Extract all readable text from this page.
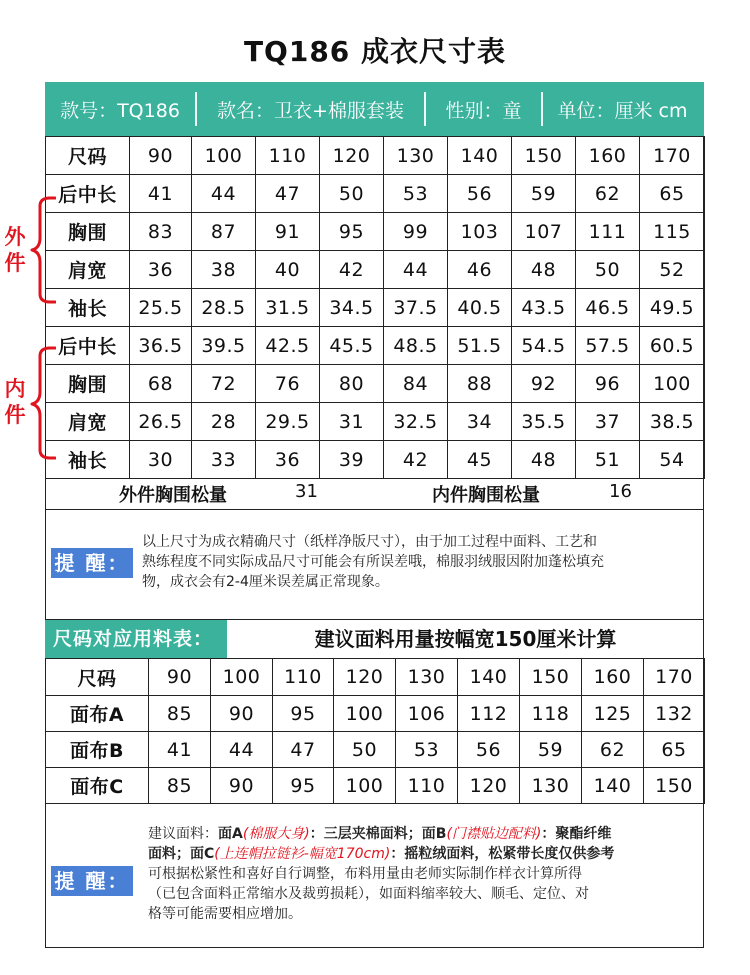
TQ186 成衣尺寸表
款号：TQ186	款名：卫衣+棉服套装	性别：童	单位：厘米 cm
尺码	90	100	110	120	130	140	150	160	170
后中长	41	44	47	50	53	56	59	62	65
胸围	83	87	91	95	99	103	107	111	115
肩宽	36	38	40	42	44	46	48	50	52
袖长	25.5	28.5	31.5	34.5	37.5	40.5	43.5	46.5	49.5
后中长	36.5	39.5	42.5	45.5	48.5	51.5	54.5	57.5	60.5
胸围	68	72	76	80	84	88	92	96	100
肩宽	26.5	28	29.5	31	32.5	34	35.5	37	38.5
袖长	30	33	36	39	42	45	48	51	54
外
件
内
件
外件胸围松量	31	内件胸围松量	16
提 醒：
以上尺寸为成衣精确尺寸（纸样净版尺寸），由于加工过程中面料、工艺和
熟练程度不同实际成品尺寸可能会有所误差哦，棉服羽绒服因附加蓬松填充
物，成衣会有2-4厘米误差属正常现象。
尺码对应用料表：	建议面料用量按幅宽150厘米计算
尺码	90	100	110	120	130	140	150	160	170
面布A	85	90	95	100	106	112	118	125	132
面布B	41	44	47	50	53	56	59	62	65
面布C	85	90	95	100	110	120	130	140	150
提 醒：
建议面料：面A(棉服大身)：三层夹棉面料；面B(门襟贴边配料)：聚酯纤维
面料；面C(上连帽拉链衫-幅宽170cm)：摇粒绒面料，松紧带长度仅供参考
可根据松紧性和喜好自行调整，布料用量由老师实际制作样衣计算所得
（已包含面料正常缩水及裁剪损耗），如面料缩率较大、顺毛、定位、对
格等可能需要相应增加。
